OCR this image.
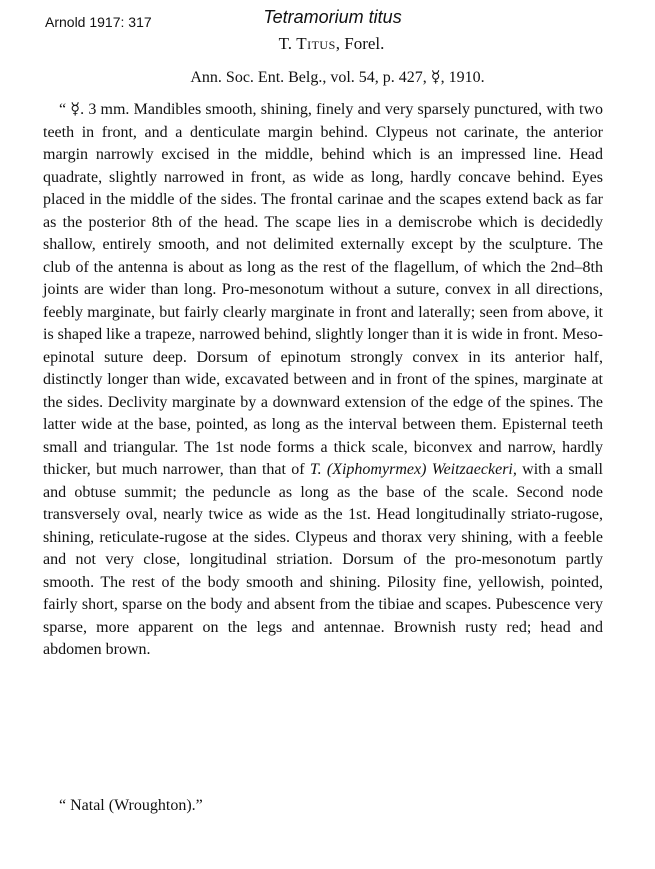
Arnold 1917: 317	Tetramorium titus
T. Titus, Forel.
Ann. Soc. Ent. Belg., vol. 54, p. 427, ☿, 1910.

“ ☿. 3 mm. Mandibles smooth, shining, finely and very sparsely punctured, with two teeth in front, and a denticulate margin behind. Clypeus not carinate, the anterior margin narrowly excised in the middle, behind which is an impressed line. Head quadrate, slightly narrowed in front, as wide as long, hardly concave behind. Eyes placed in the middle of the sides. The frontal carinae and the scapes extend back as far as the posterior 8th of the head. The scape lies in a demiscrobe which is decidedly shallow, entirely smooth, and not delimited externally except by the sculpture. The club of the antenna is about as long as the rest of the flagellum, of which the 2nd–8th joints are wider than long. Pro-mesonotum without a suture, convex in all directions, feebly marginate, but fairly clearly marginate in front and laterally; seen from above, it is shaped like a trapeze, narrowed behind, slightly longer than it is wide in front. Meso-epinotal suture deep. Dorsum of epinotum strongly convex in its anterior half, distinctly longer than wide, excavated between and in front of the spines, marginate at the sides. Declivity marginate by a downward extension of the edge of the spines. The latter wide at the base, pointed, as long as the interval between them. Episternal teeth small and triangular. The 1st node forms a thick scale, biconvex and narrow, hardly thicker, but much narrower, than that of T. (Xiphomyrmex) Weitzaeckeri, with a small and obtuse summit; the peduncle as long as the base of the scale. Second node transversely oval, nearly twice as wide as the 1st. Head longitudinally striato-rugose, shining, reticulate-rugose at the sides. Clypeus and thorax very shining, with a feeble and not very close, longitudinal striation. Dorsum of the pro-mesonotum partly smooth. The rest of the body smooth and shining. Pilosity fine, yellowish, pointed, fairly short, sparse on the body and absent from the tibiae and scapes. Pubescence very sparse, more apparent on the legs and antennae. Brownish rusty red; head and abdomen brown.

“ Natal (Wroughton).”
